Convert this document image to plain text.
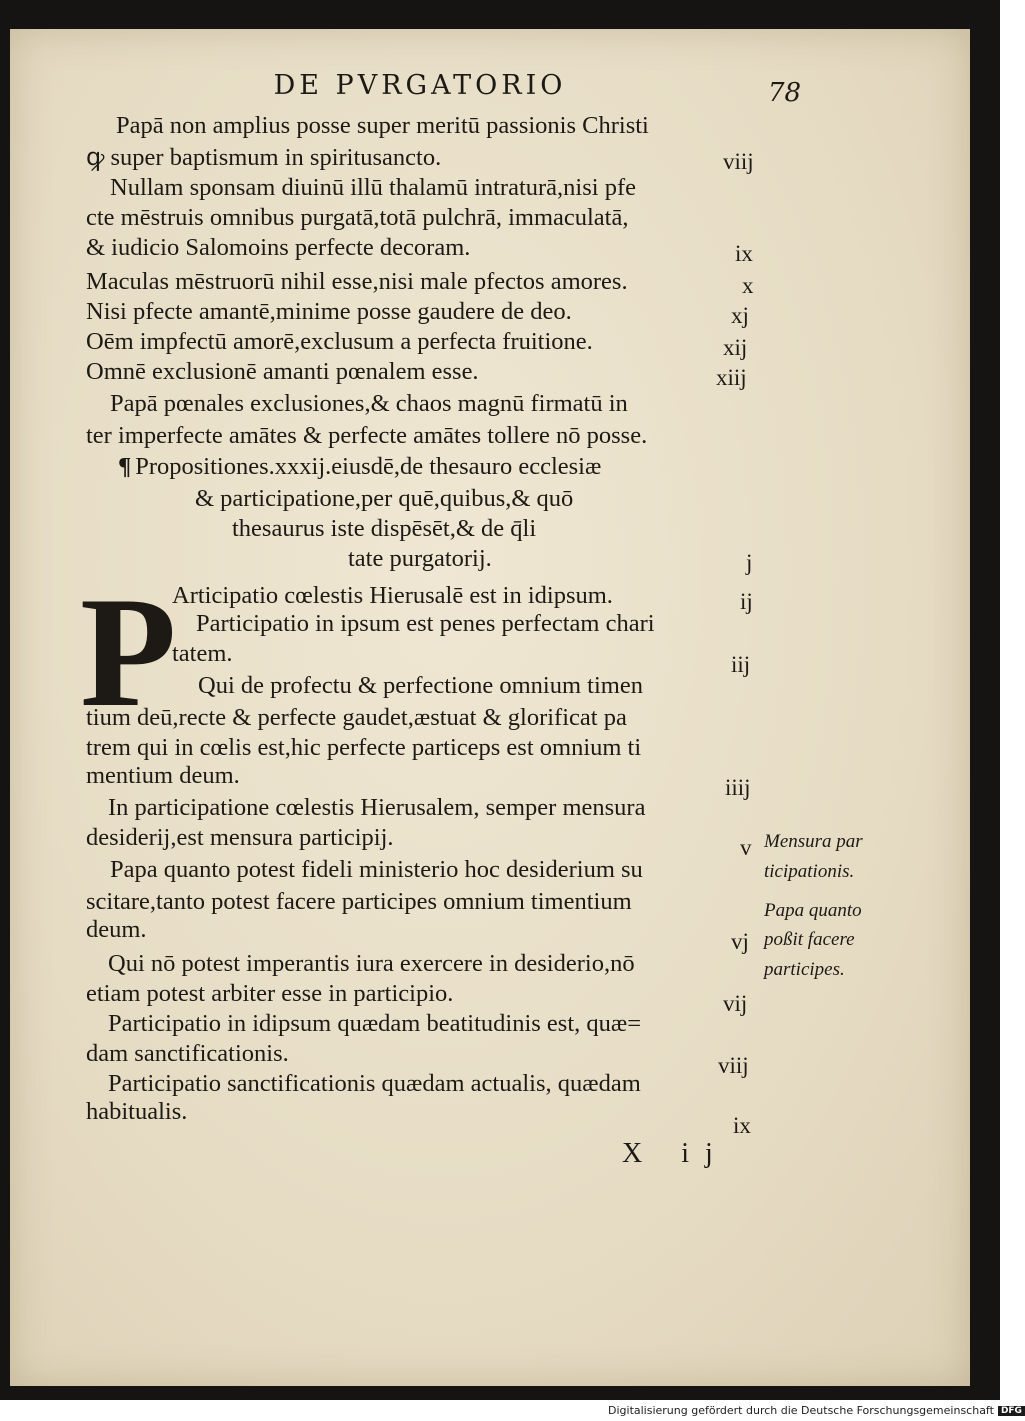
DE PVRGATORIO	78
Papā non amplius posse super meritū passionis Christi
ꝙ super baptismum in spiritusancto.	viij
Nullam sponsam diuinū illū thalamū intraturā,nisi pfe
cte mēstruis omnibus purgatā,totā pulchrā, immaculatā,
& iudicio Salomoins perfecte decoram.	ix
Maculas mēstruorū nihil esse,nisi male pfectos amores.	x
Nisi pfecte amantē,minime posse gaudere de deo.	xj
Oēm impfectū amorē,exclusum a perfecta fruitione.	xij
Omnē exclusionē amanti pœnalem esse.	xiij
Papā pœnales exclusiones,& chaos magnū firmatū in
ter imperfecte amātes & perfecte amātes tollere nō posse.
¶ Propositiones.xxxij.eiusdē,de thesauro ecclesiæ
& participatione,per quē,quibus,& quō
thesaurus iste dispēsēt,& de q̄li
tate purgatorij.	j
P
Articipatio cœlestis Hierusalē est in idipsum.	ij
Participatio in ipsum est penes perfectam chari
tatem.	iij
Qui de profectu & perfectione omnium timen
tium deū,recte & perfecte gaudet,æstuat & glorificat pa
trem qui in cœlis est,hic perfecte particeps est omnium ti
mentium deum.	iiij
In participatione cœlestis Hierusalem, semper mensura
desiderij,est mensura participij.	v
Papa quanto potest fideli ministerio hoc desiderium su
scitare,tanto potest facere participes omnium timentium
deum.	vj
Qui nō potest imperantis iura exercere in desiderio,nō
etiam potest arbiter esse in participio.	vij
Participatio in idipsum quædam beatitudinis est, quæ=
dam sanctificationis.	viij
Participatio sanctificationis quædam actualis, quædam
habitualis.
ix
Mensura par
ticipationis.
Papa quanto
poßit facere
participes.
X ij
Digitalisierung gefördert durch die Deutsche Forschungsgemeinschaft DFG
